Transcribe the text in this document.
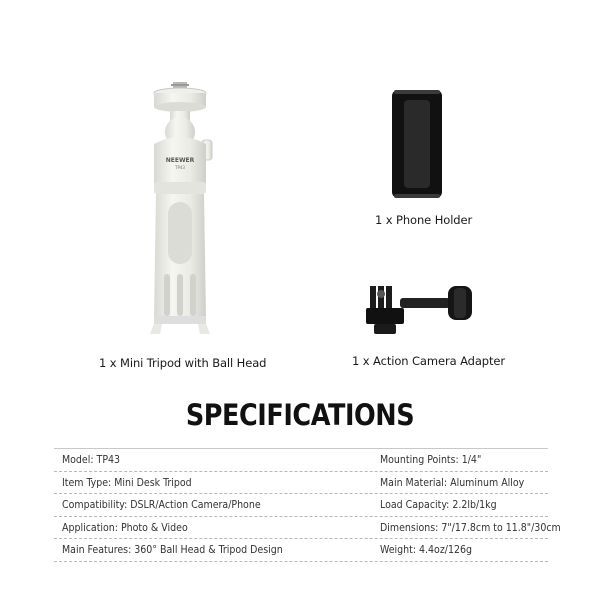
NEEWER
TP43
1 x Mini Tripod with Ball Head
1 x Phone Holder
1 x Action Camera Adapter
SPECIFICATIONS
Model: TP43	Mounting Points: 1/4"
Item Type: Mini Desk Tripod	Main Material: Aluminum Alloy
Compatibility: DSLR/Action Camera/Phone	Load Capacity: 2.2lb/1kg
Application: Photo & Video	Dimensions: 7"/17.8cm to 11.8"/30cm
Main Features: 360° Ball Head & Tripod Design	Weight: 4.4oz/126g
